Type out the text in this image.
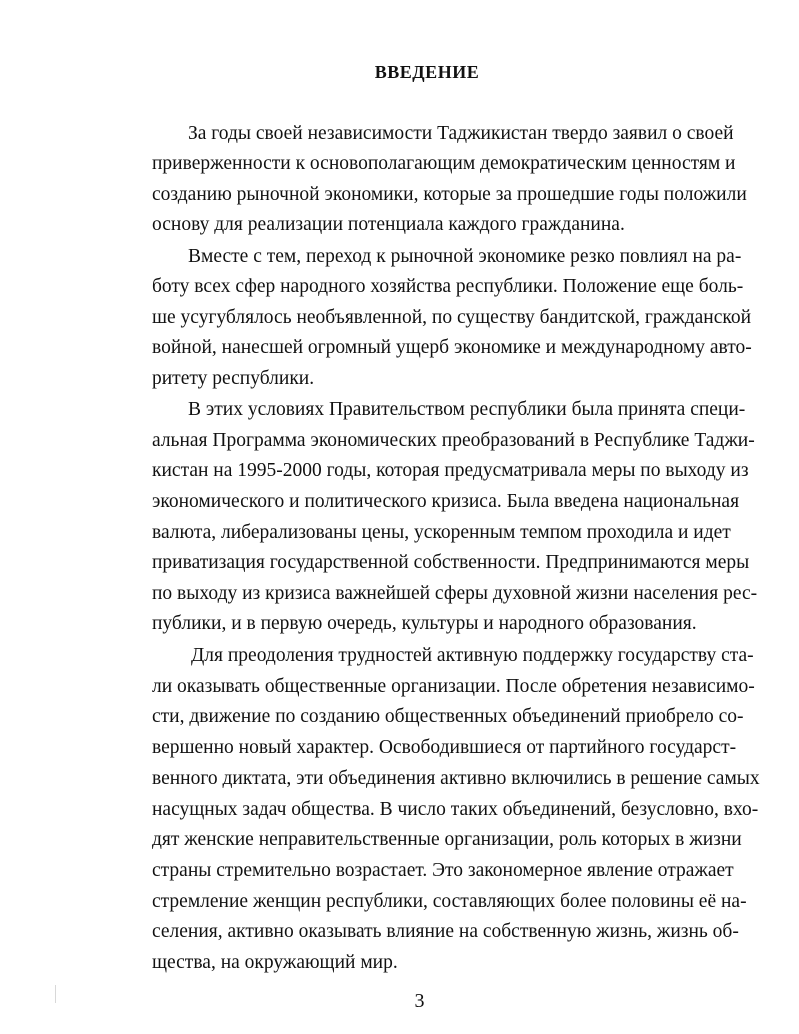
ВВЕДЕНИЕ
За годы своей независимости Таджикистан твердо заявил о своей
приверженности к основополагающим демократическим ценностям и
созданию рыночной экономики, которые за прошедшие годы положили
основу для реализации потенциала каждого гражданина.
Вместе с тем, переход к рыночной экономике резко повлиял на ра-
боту всех сфер народного хозяйства республики. Положение еще боль-
ше усугублялось необъявленной, по существу бандитской, гражданской
войной, нанесшей огромный ущерб экономике и международному авто-
ритету республики.
В этих условиях Правительством республики была принята специ-
альная Программа экономических преобразований в Республике Таджи-
кистан на 1995-2000 годы, которая предусматривала меры по выходу из
экономического и политического кризиса. Была введена национальная
валюта, либерализованы цены, ускоренным темпом проходила и идет
приватизация государственной собственности. Предпринимаются меры
по выходу из кризиса важнейшей сферы духовной жизни населения рес-
публики, и в первую очередь, культуры и народного образования.
Для преодоления трудностей активную поддержку государству ста-
ли оказывать общественные организации. После обретения независимо-
сти, движение по созданию общественных объединений приобрело со-
вершенно новый характер. Освободившиеся от партийного государст-
венного диктата, эти объединения активно включились в решение самых
насущных задач общества. В число таких объединений, безусловно, вхо-
дят женские неправительственные организации, роль которых в жизни
страны стремительно возрастает. Это закономерное явление отражает
стремление женщин республики, составляющих более половины её на-
селения, активно оказывать влияние на собственную жизнь, жизнь об-
щества, на окружающий мир.
3
